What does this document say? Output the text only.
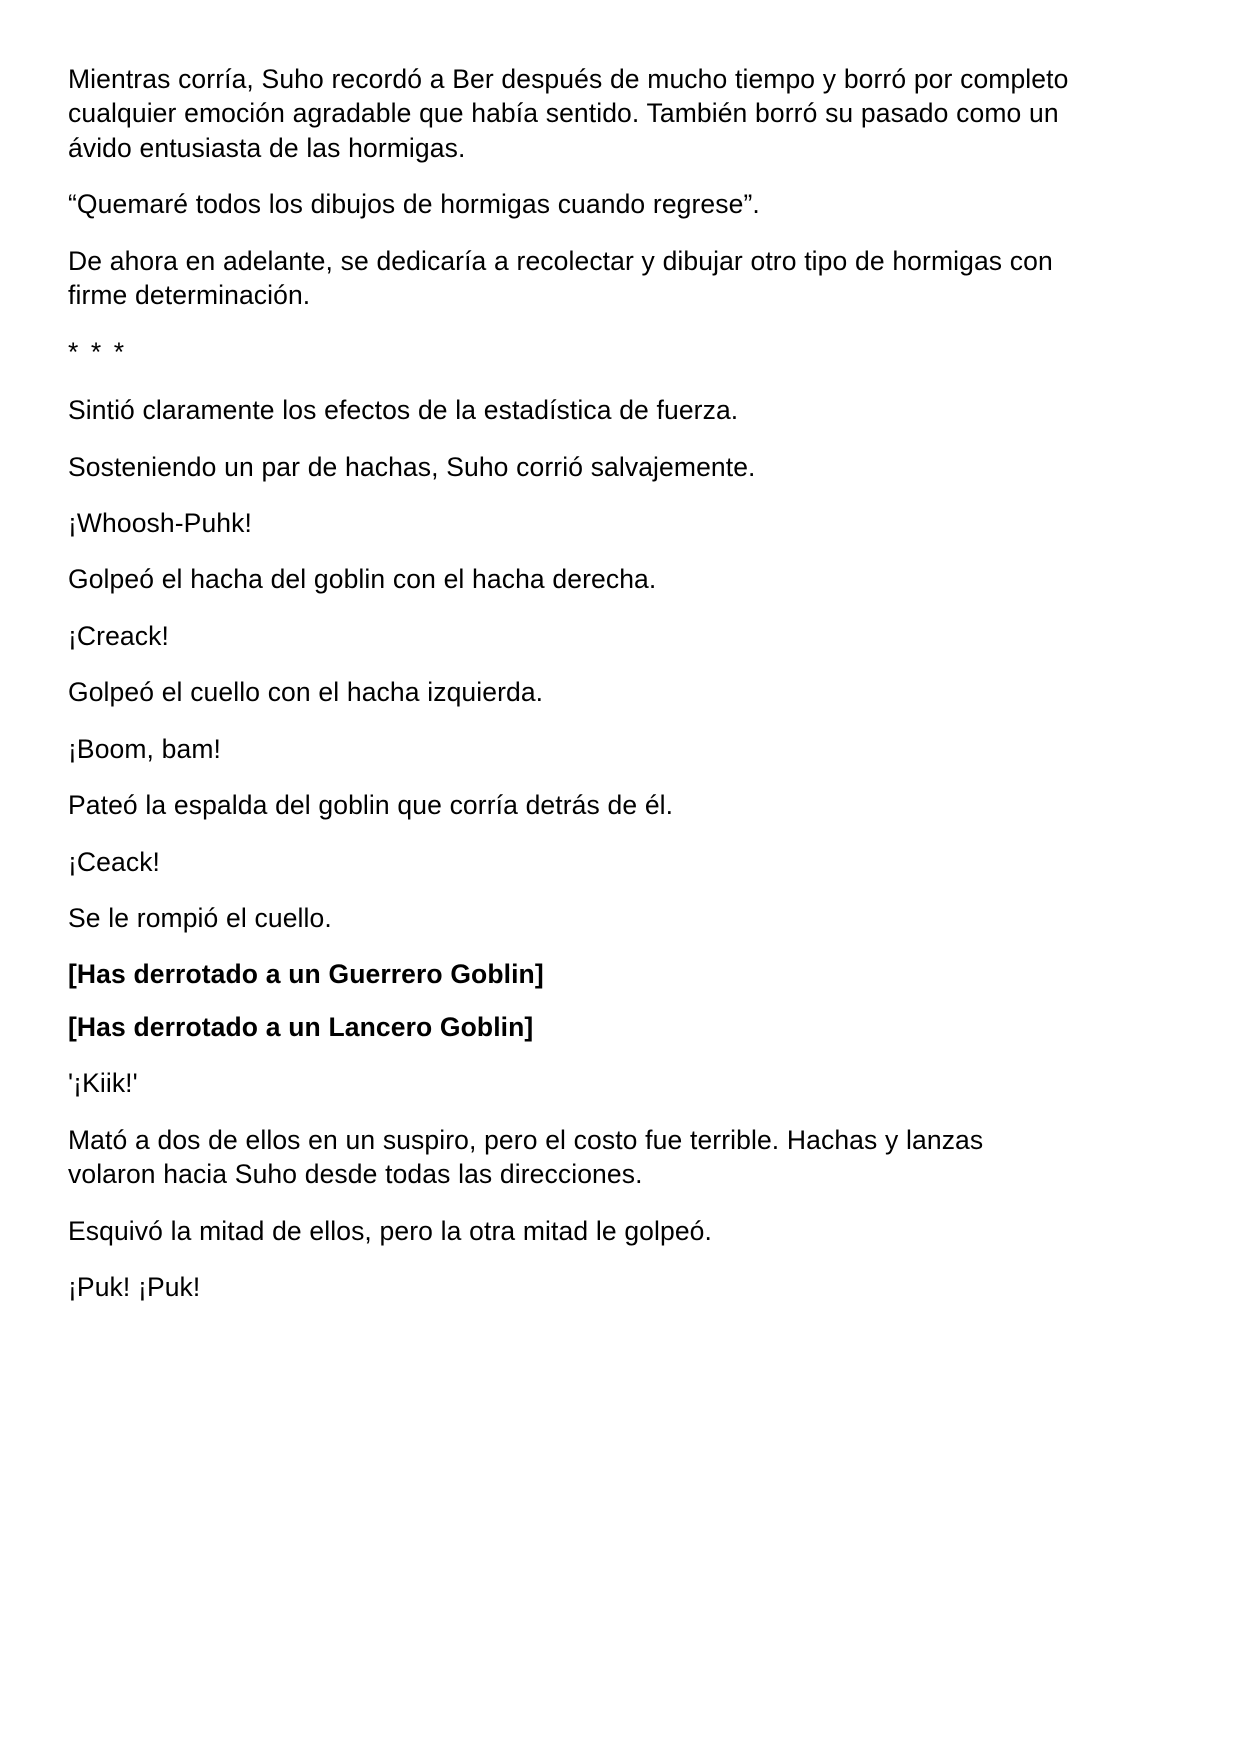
Mientras corría, Suho recordó a Ber después de mucho tiempo y borró por completo cualquier emoción agradable que había sentido. También borró su pasado como un ávido entusiasta de las hormigas.

“Quemaré todos los dibujos de hormigas cuando regrese”.

De ahora en adelante, se dedicaría a recolectar y dibujar otro tipo de hormigas con firme determinación.

* * *

Sintió claramente los efectos de la estadística de fuerza.

Sosteniendo un par de hachas, Suho corrió salvajemente.

¡Whoosh-Puhk!

Golpeó el hacha del goblin con el hacha derecha.

¡Creack!

Golpeó el cuello con el hacha izquierda.

¡Boom, bam!

Pateó la espalda del goblin que corría detrás de él.

¡Ceack!

Se le rompió el cuello.

[Has derrotado a un Guerrero Goblin]

[Has derrotado a un Lancero Goblin]

'¡Kiik!'

Mató a dos de ellos en un suspiro, pero el costo fue terrible. Hachas y lanzas volaron hacia Suho desde todas las direcciones.

Esquivó la mitad de ellos, pero la otra mitad le golpeó.

¡Puk! ¡Puk!
